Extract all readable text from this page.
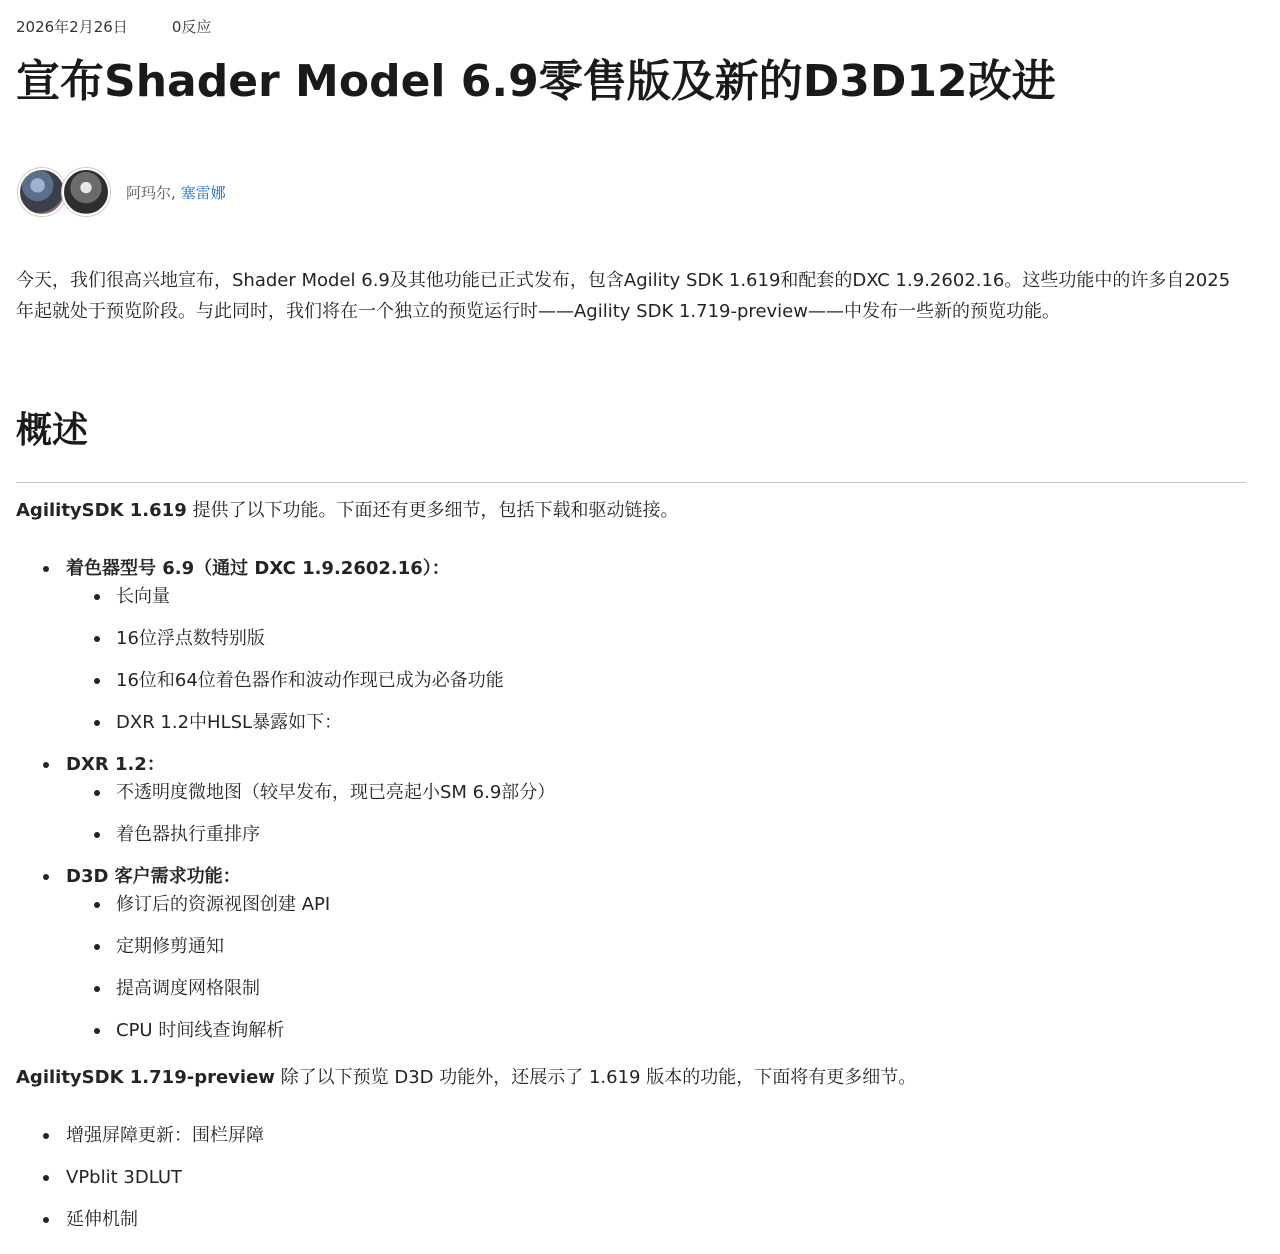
2026年2月26日	0反应
宣布Shader Model 6.9零售版及新的D3D12改进
阿玛尔, 塞雷娜

今天，我们很高兴地宣布，Shader Model 6.9及其他功能已正式发布，包含Agility SDK 1.619和配套的DXC 1.9.2602.16。这些功能中的许多自2025年起就处于预览阶段。与此同时，我们将在一个独立的预览运行时——Agility SDK 1.719-preview——中发布一些新的预览功能。

概述

AgilitySDK 1.619 提供了以下功能。下面还有更多细节，包括下载和驱动链接。

着色器型号 6.9（通过 DXC 1.9.2602.16）：
长向量
16位浮点数特别版
16位和64位着色器作和波动作现已成为必备功能
DXR 1.2中HLSL暴露如下：
DXR 1.2：
不透明度微地图（较早发布，现已亮起小SM 6.9部分）
着色器执行重排序
D3D 客户需求功能：
修订后的资源视图创建 API
定期修剪通知
提高调度网格限制
CPU 时间线查询解析

AgilitySDK 1.719-preview 除了以下预览 D3D 功能外，还展示了 1.619 版本的功能，下面将有更多细节。

增强屏障更新：围栏屏障
VPblit 3DLUT
延伸机制
